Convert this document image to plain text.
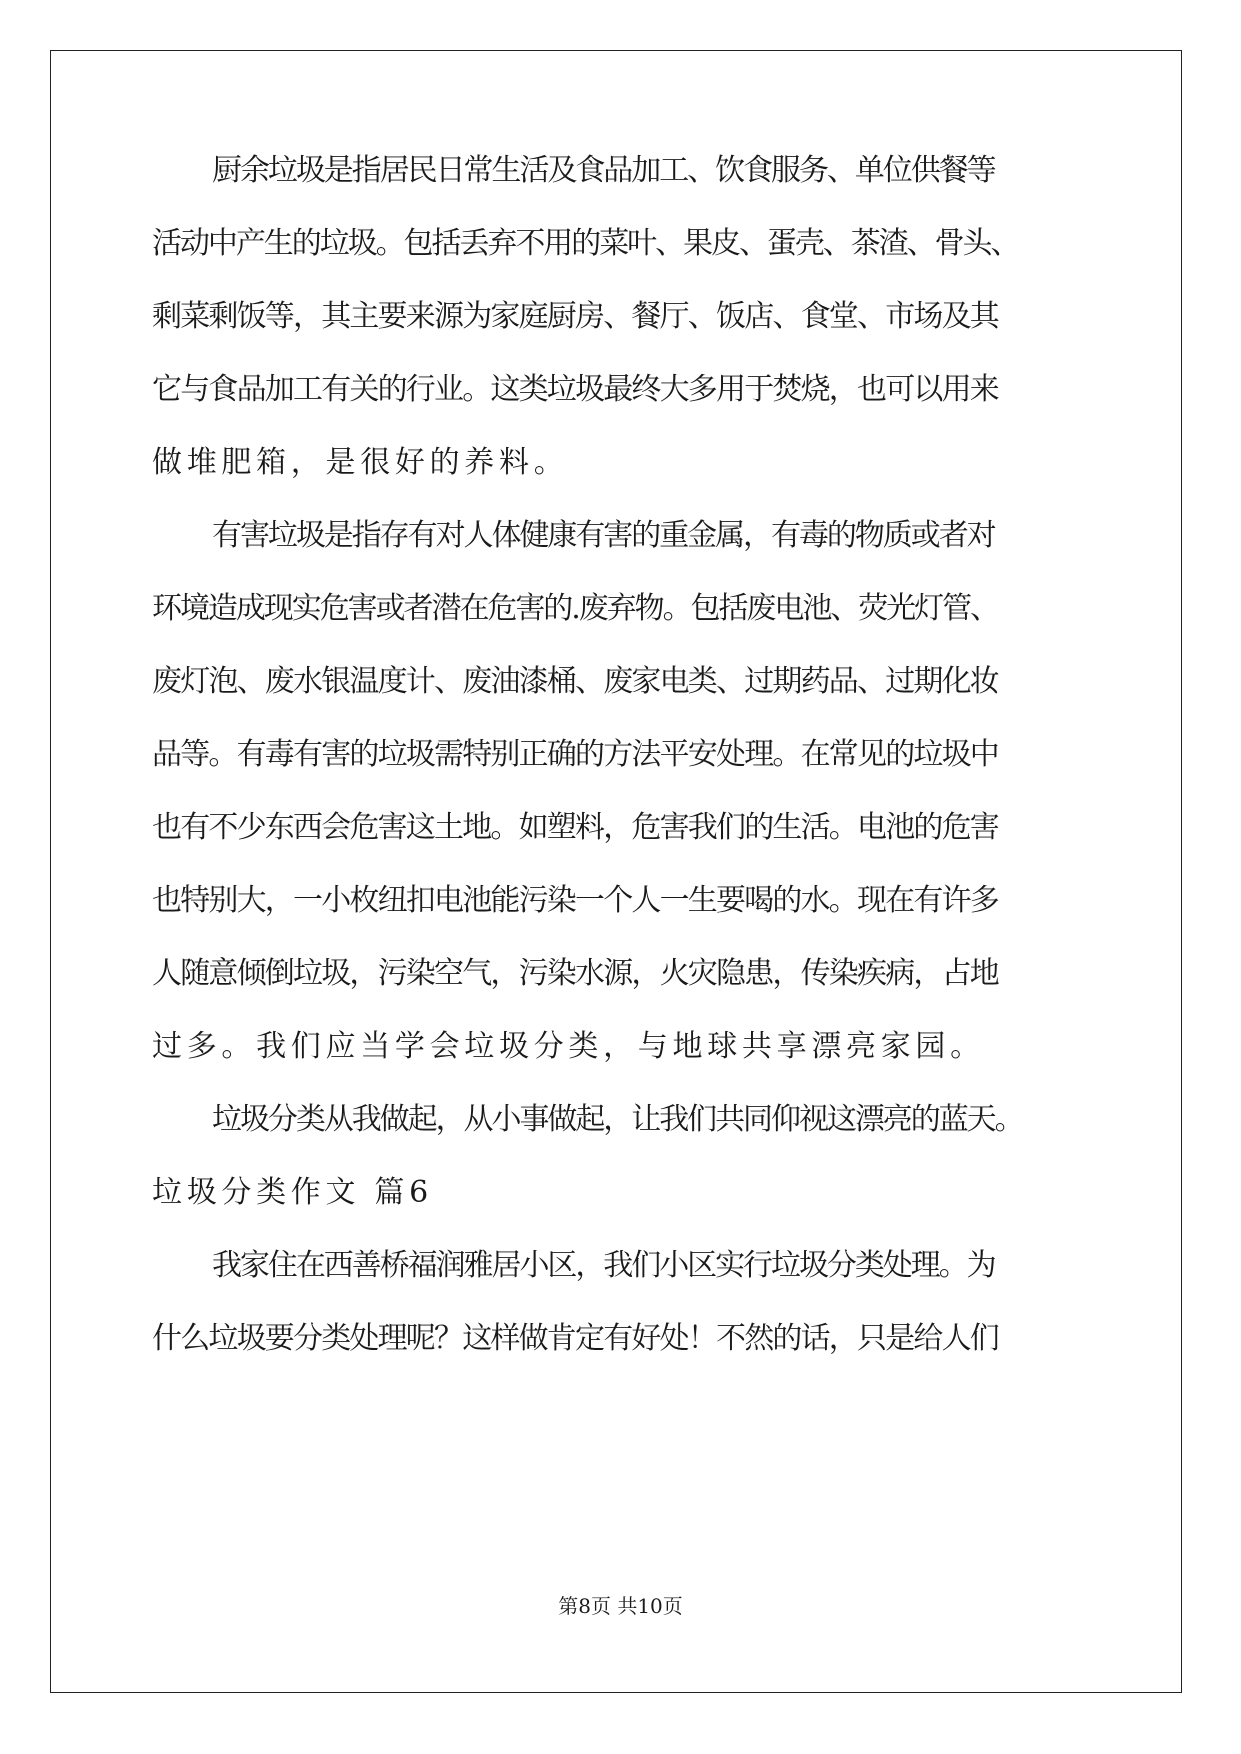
厨余垃圾是指居民日常生活及食品加工、饮食服务、单位供餐等
活动中产生的垃圾。包括丢弃不用的菜叶、果皮、蛋壳、茶渣、骨头、
剩菜剩饭等，其主要来源为家庭厨房、餐厅、饭店、食堂、市场及其
它与食品加工有关的行业。这类垃圾最终大多用于焚烧，也可以用来
做堆肥箱，是很好的养料。
有害垃圾是指存有对人体健康有害的重金属，有毒的物质或者对
环境造成现实危害或者潜在危害的.废弃物。包括废电池、荧光灯管、
废灯泡、废水银温度计、废油漆桶、废家电类、过期药品、过期化妆
品等。有毒有害的垃圾需特别正确的方法平安处理。在常见的垃圾中
也有不少东西会危害这土地。如塑料，危害我们的生活。电池的危害
也特别大，一小枚纽扣电池能污染一个人一生要喝的水。现在有许多
人随意倾倒垃圾，污染空气，污染水源，火灾隐患，传染疾病，占地
过多。我们应当学会垃圾分类，与地球共享漂亮家园。
垃圾分类从我做起，从小事做起，让我们共同仰视这漂亮的蓝天。
垃圾分类作文 篇6
我家住在西善桥福润雅居小区，我们小区实行垃圾分类处理。为
什么垃圾要分类处理呢？这样做肯定有好处！不然的话，只是给人们
第8页 共10页
